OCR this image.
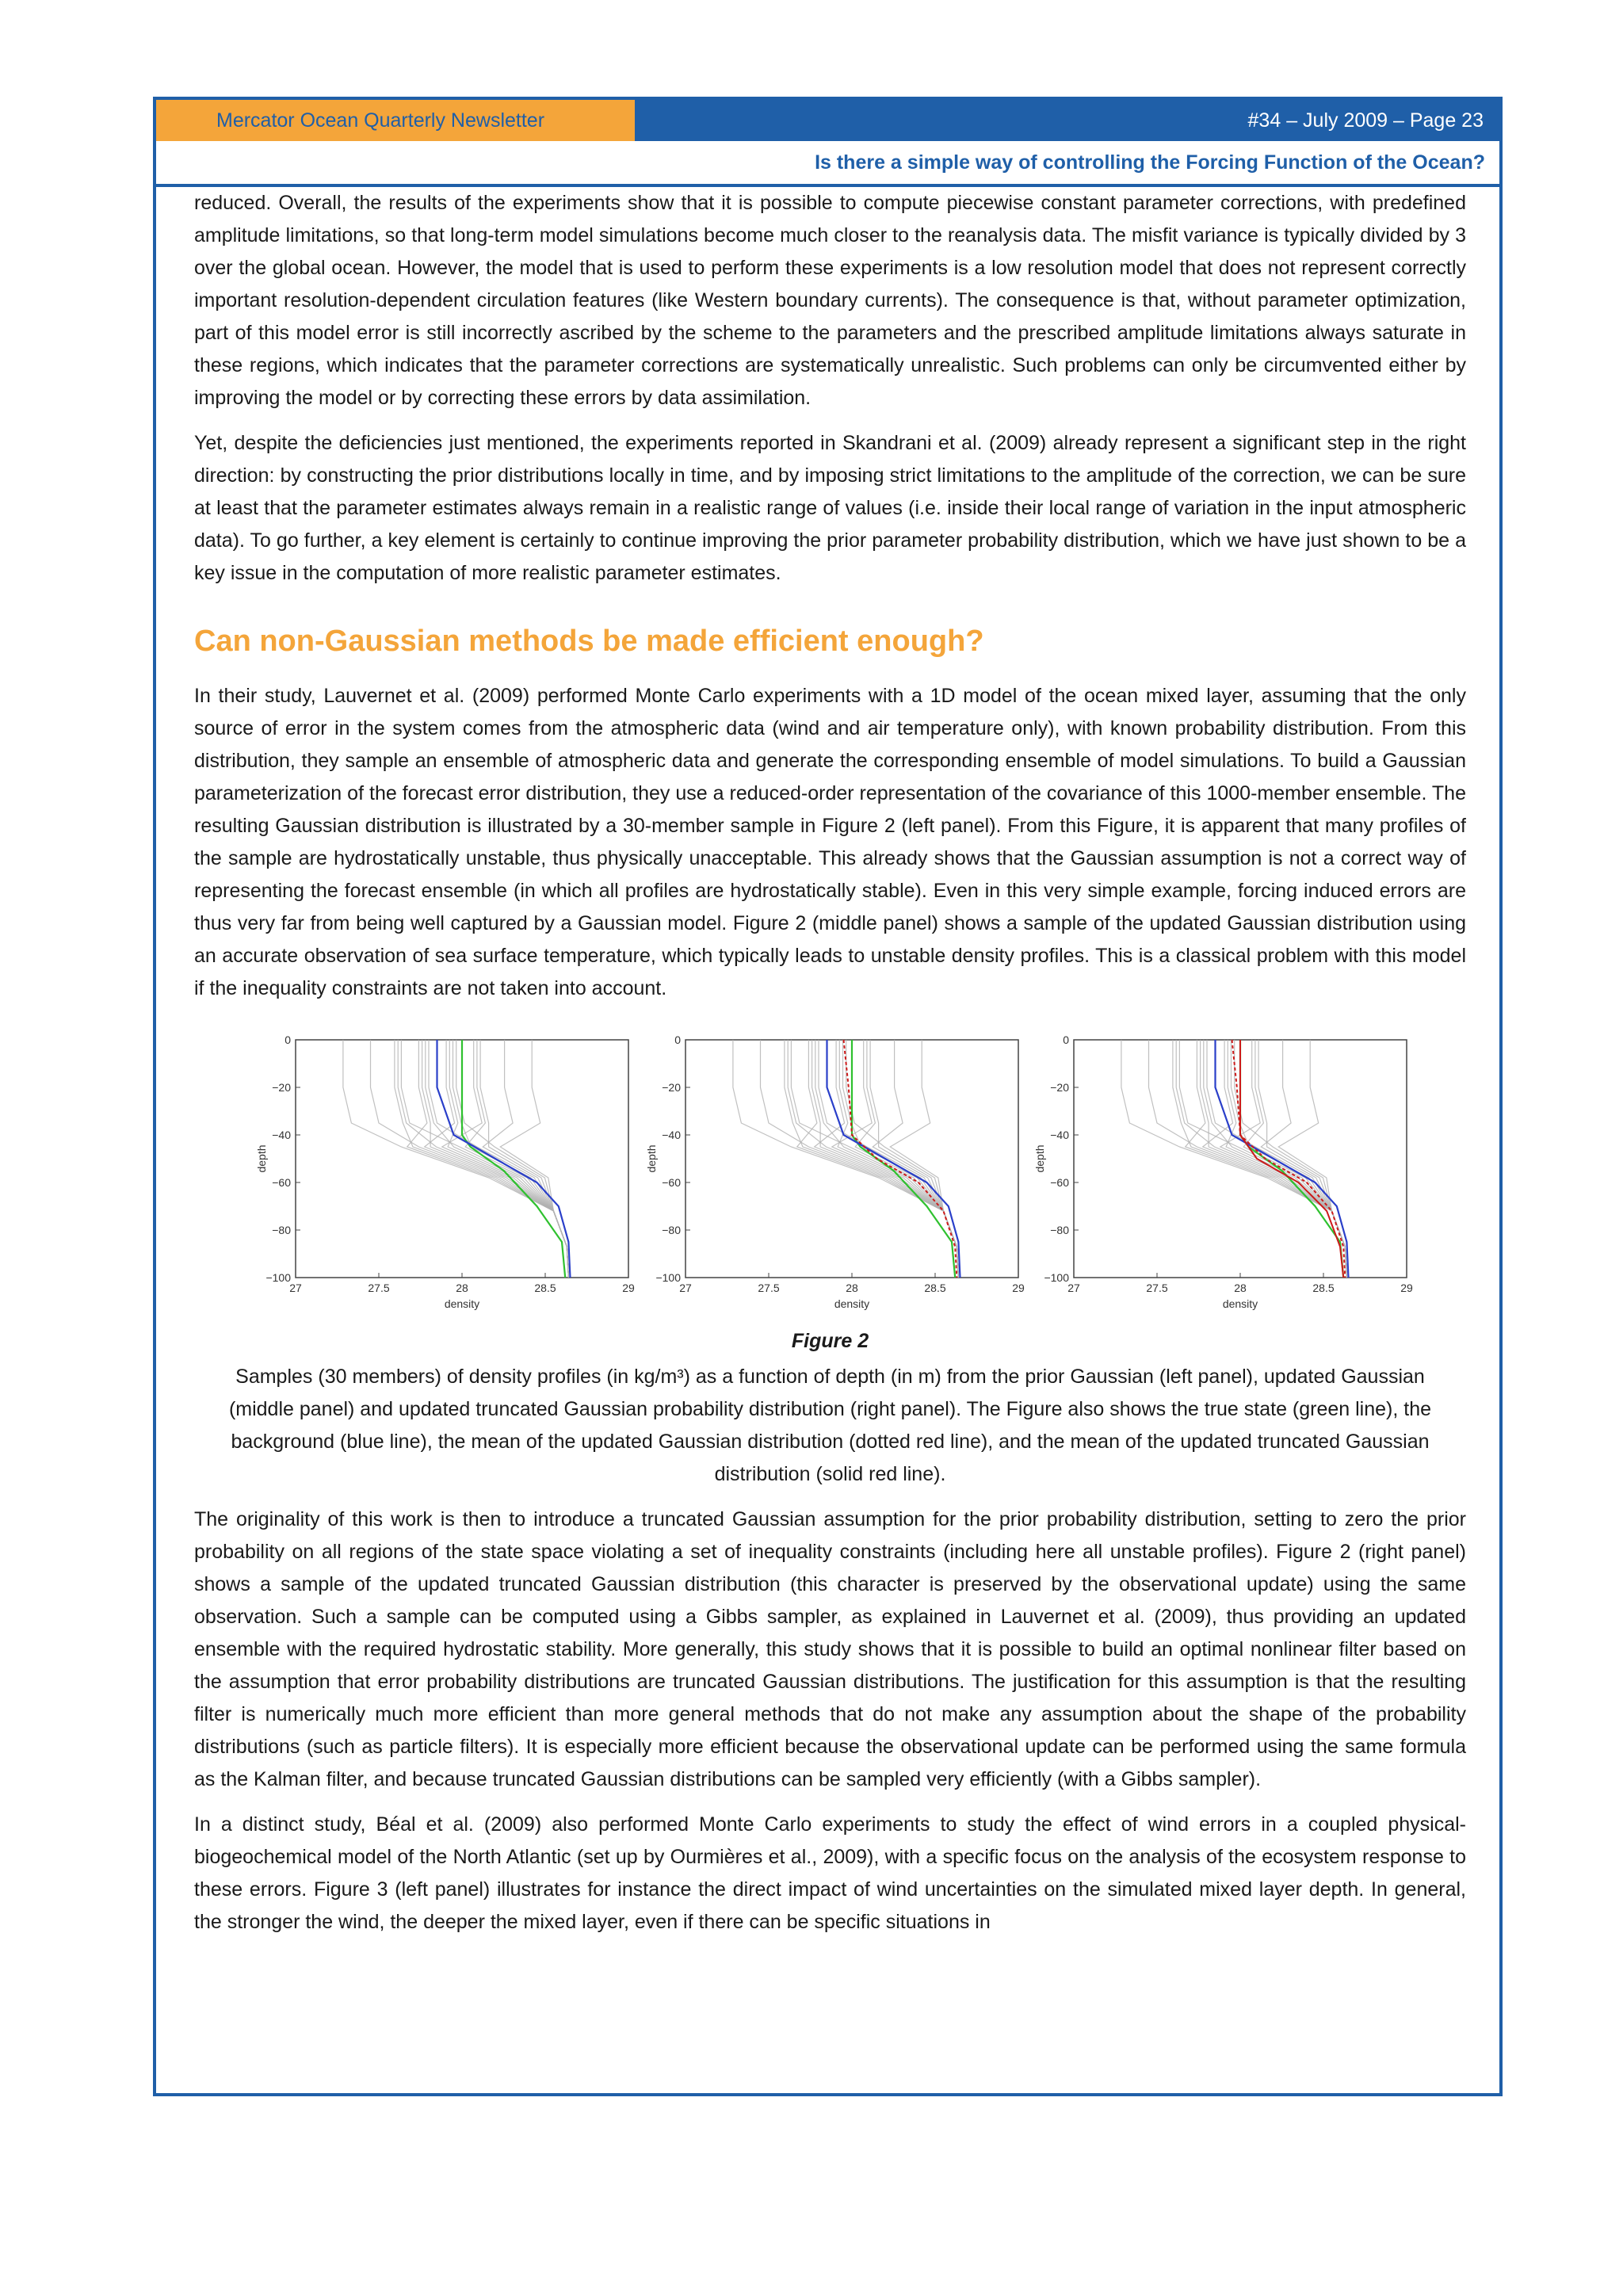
Mercator Ocean Quarterly Newsletter	#34 – July 2009 – Page 23
Is there a simple way of controlling the Forcing Function of the Ocean?

reduced. Overall, the results of the experiments show that it is possible to compute piecewise constant parameter corrections, with predefined amplitude limitations, so that long-term model simulations become much closer to the reanalysis data. The misfit variance is typically divided by 3 over the global ocean. However, the model that is used to perform these experiments is a low resolution model that does not represent correctly important resolution-dependent circulation features (like Western boundary currents). The consequence is that, without parameter optimization, part of this model error is still incorrectly ascribed by the scheme to the parameters and the prescribed amplitude limitations always saturate in these regions, which indicates that the parameter corrections are systematically unrealistic. Such problems can only be circumvented either by improving the model or by correcting these errors by data assimilation.

Yet, despite the deficiencies just mentioned, the experiments reported in Skandrani et al. (2009) already represent a significant step in the right direction: by constructing the prior distributions locally in time, and by imposing strict limitations to the amplitude of the correction, we can be sure at least that the parameter estimates always remain in a realistic range of values (i.e. inside their local range of variation in the input atmospheric data). To go further, a key element is certainly to continue improving the prior parameter probability distribution, which we have just shown to be a key issue in the computation of more realistic parameter estimates.

Can non-Gaussian methods be made efficient enough?

In their study, Lauvernet et al. (2009) performed Monte Carlo experiments with a 1D model of the ocean mixed layer, assuming that the only source of error in the system comes from the atmospheric data (wind and air temperature only), with known probability distribution. From this distribution, they sample an ensemble of atmospheric data and generate the corresponding ensemble of model simulations. To build a Gaussian parameterization of the forecast error distribution, they use a reduced-order representation of the covariance of this 1000-member ensemble. The resulting Gaussian distribution is illustrated by a 30-member sample in Figure 2 (left panel). From this Figure, it is apparent that many profiles of the sample are hydrostatically unstable, thus physically unacceptable. This already shows that the Gaussian assumption is not a correct way of representing the forecast ensemble (in which all profiles are hydrostatically stable). Even in this very simple example, forcing induced errors are thus very far from being well captured by a Gaussian model. Figure 2 (middle panel) shows a sample of the updated Gaussian distribution using an accurate observation of sea surface temperature, which typically leads to unstable density profiles. This is a classical problem with this model if the inequality constraints are not taken into account.

27	27.5	28	28.5	29
0
−20
−40
−60
−80
−100
density
depth
27	27.5	28	28.5	29
0
−20
−40
−60
−80
−100
density
depth
27	27.5	28	28.5	29
0
−20
−40
−60
−80
−100
density
depth
Figure 2

Samples (30 members) of density profiles (in kg/m³) as a function of depth (in m) from the prior Gaussian (left panel), updated Gaussian (middle panel) and updated truncated Gaussian probability distribution (right panel). The Figure also shows the true state (green line), the background (blue line), the mean of the updated Gaussian distribution (dotted red line), and the mean of the updated truncated Gaussian distribution (solid red line).

The originality of this work is then to introduce a truncated Gaussian assumption for the prior probability distribution, setting to zero the prior probability on all regions of the state space violating a set of inequality constraints (including here all unstable profiles). Figure 2 (right panel) shows a sample of the updated truncated Gaussian distribution (this character is preserved by the observational update) using the same observation. Such a sample can be computed using a Gibbs sampler, as explained in Lauvernet et al. (2009), thus providing an updated ensemble with the required hydrostatic stability. More generally, this study shows that it is possible to build an optimal nonlinear filter based on the assumption that error probability distributions are truncated Gaussian distributions. The justification for this assumption is that the resulting filter is numerically much more efficient than more general methods that do not make any assumption about the shape of the probability distributions (such as particle filters). It is especially more efficient because the observational update can be performed using the same formula as the Kalman filter, and because truncated Gaussian distributions can be sampled very efficiently (with a Gibbs sampler).

In a distinct study, Béal et al. (2009) also performed Monte Carlo experiments to study the effect of wind errors in a coupled physical-biogeochemical model of the North Atlantic (set up by Ourmières et al., 2009), with a specific focus on the analysis of the ecosystem response to these errors. Figure 3 (left panel) illustrates for instance the direct impact of wind uncertainties on the simulated mixed layer depth. In general, the stronger the wind, the deeper the mixed layer, even if there can be specific situations in
